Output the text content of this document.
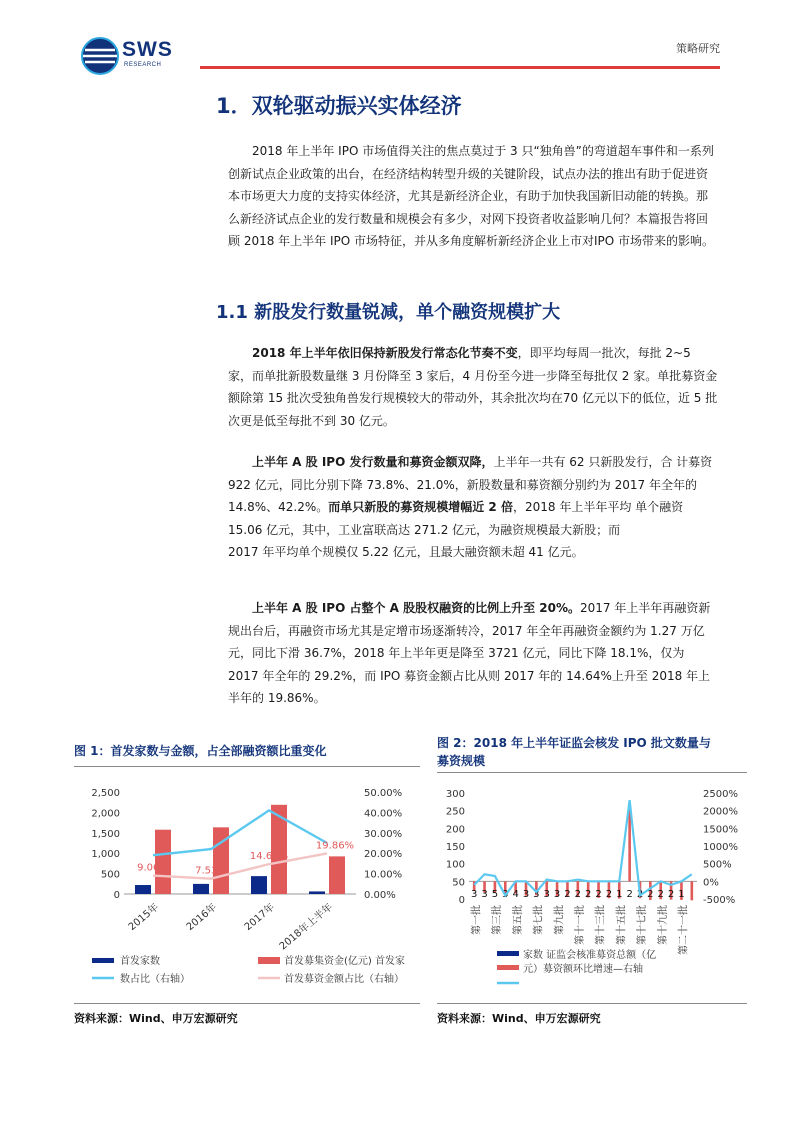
SWS
RESEARCH
策略研究
1．双轮驱动振兴实体经济

2018 年上半年 IPO 市场值得关注的焦点莫过于 3 只“独角兽”的弯道超车事件和一系列创新试点企业政策的出台，在经济结构转型升级的关键阶段，试点办法的推出有助于促进资本市场更大力度的支持实体经济，尤其是新经济企业，有助于加快我国新旧动能的转换。那么新经济试点企业的发行数量和规模会有多少，对网下投资者收益影响几何？本篇报告将回顾 2018 年上半年 IPO 市场特征，并从多角度解析新经济企业上市对IPO 市场带来的影响。

1.1 新股发行数量锐减，单个融资规模扩大

2018 年上半年依旧保持新股发行常态化节奏不变，即平均每周一批次，每批 2~5 家，而单批新股数量继 3 月份降至 3 家后，4 月份至今进一步降至每批仅 2 家。单批募资金额除第 15 批次受独角兽发行规模较大的带动外，其余批次均在70 亿元以下的低位，近 5 批次更是低至每批不到 30 亿元。

上半年 A 股 IPO 发行数量和募资金额双降，上半年一共有 62 只新股发行，合 计募资922 亿元，同比分别下降 73.8%、21.0%，新股数量和募资额分别约为 2017 年全年的 14.8%、42.2%。而单只新股的募资规模增幅近 2 倍，2018 年上半年平均 单个融资 15.06 亿元，其中，工业富联高达 271.2 亿元，为融资规模最大新股；而
2017 年平均单个规模仅 5.22 亿元，且最大融资额未超 41 亿元。

上半年 A 股 IPO 占整个 A 股股权融资的比例上升至 20%。2017 年上半年再融资新规出台后，再融资市场尤其是定增市场逐渐转冷，2017 年全年再融资金额约为 1.27 万亿元，同比下滑 36.7%，2018 年上半年更是降至 3721 亿元，同比下降 18.1%，仅为 2017 年全年的 29.2%，而 IPO 募资金额占比从则 2017 年的 14.64%上升至 2018 年上半年的 19.86%。

图 1：首发家数与金额，占全部融资额比重变化
2,500
2,000
1,500
1,000
500
0
50.00%
40.00%
30.00%
20.00%
10.00%
0.00%
2015年 2016年 2017年 2018年上半年
9.06%	7.53%
14.64%
19.86%
首发家数	首发募集资金(亿元) 首发家
数占比（右轴）	首发募资金额占比（右轴）
资料来源：Wind、申万宏源研究
图 2：2018 年上半年证监会核发 IPO 批文数量与
募资规模
300
250
200
150
100
50
0
2500%
2000%
1500%
1000%
500%
0%
-500%
3 3 5 3 4 3 3 3 3 2 2 2 2 2 1 2 2 2 2 2 1
第一批 第三批 第五批 第七批 第九批 第十一批 第十三批 第十五批 第十七批 第十九批 第二十一批
家数 证监会核准募资总额（亿
元）募资额环比增速—右轴
资料来源：Wind、申万宏源研究
